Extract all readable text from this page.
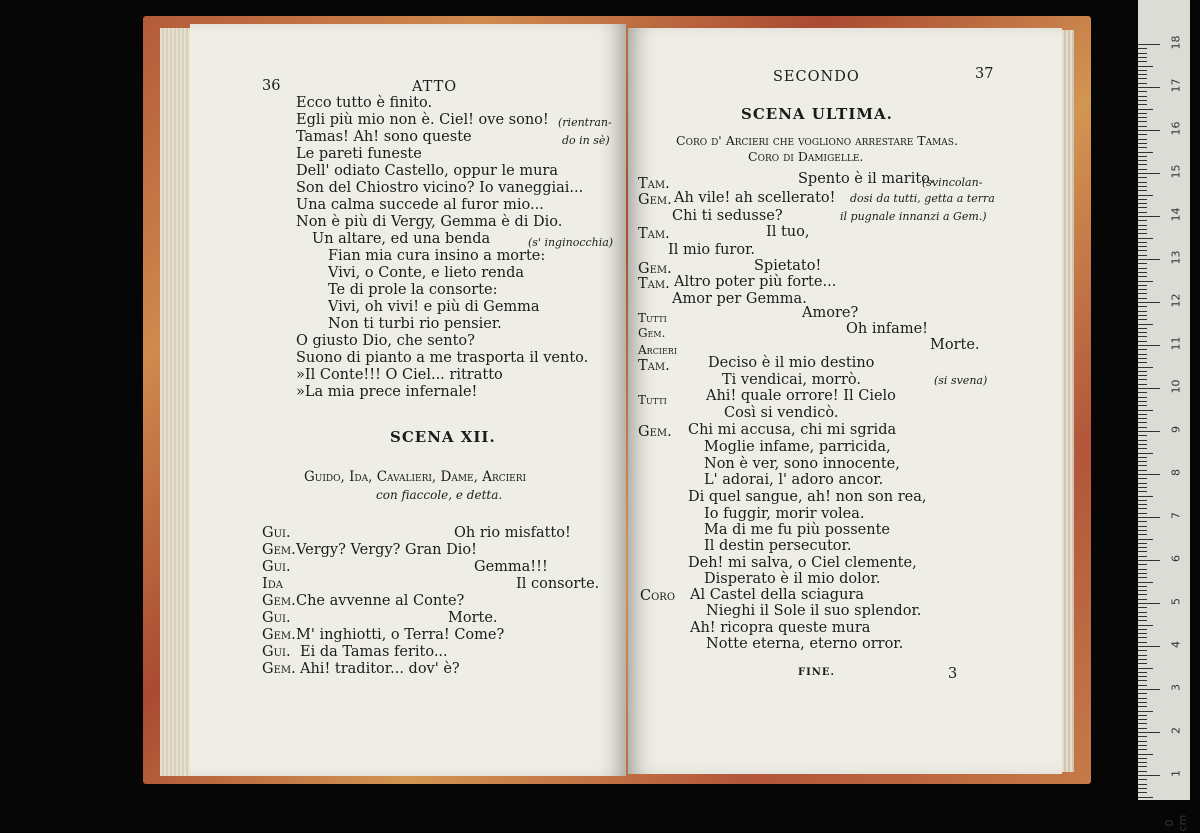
36	ATTO
Ecco tutto è finito.
Egli più mio non è. Ciel! ove sono! (rientran-
Tamas! Ah! sono queste	do in sè)
Le pareti funeste
Dell' odiato Castello, oppur le mura
Son del Chiostro vicino? Io vaneggiai...
Una calma succede al furor mio...
Non è più di Vergy, Gemma è di Dio.
Un altare, ed una benda	(s' inginocchia)
Fian mia cura insino a morte:
Vivi, o Conte, e lieto renda
Te di prole la consorte:
Vivi, oh vivi! e più di Gemma
Non ti turbi rio pensier.
O giusto Dio, che sento?
Suono di pianto a me trasporta il vento.
»Il Conte!!! O Ciel... ritratto
»La mia prece infernale!
SCENA XII.
Guido, Ida, Cavalieri, Dame, Arcieri
con fiaccole, e detta.
Gui.	Oh rio misfatto!
Gem. Vergy? Vergy? Gran Dio!
Gui.	Gemma!!!
Ida	Il consorte.
Gem. Che avvenne al Conte?
Gui.	Morte.
Gem. M' inghiotti, o Terra! Come?
Gui. Ei da Tamas ferito...
Gem. Ahi! traditor... dov' è?
SECONDO	37
SCENA ULTIMA.
Coro d' Arcieri che vogliono arrestare Tamas.
Coro di Damigelle.
Tam.	Spento è il marito.
(svincolan-
Gem. Ah vile! ah scellerato! dosi da tutti, getta a terra
Chi ti sedusse?	il pugnale innanzi a Gem.)
Tam.	Il tuo,
Il mio furor.
Gem.	Spietato!
Tam. Altro poter più forte...
Amor per Gemma.
Tutti	Amore?
Gem.	Oh infame!
Arcieri	Morte.
Tam.	Deciso è il mio destino
Ti vendicai, morrò.	(si svena)
Tutti	Ahi! quale orrore! Il Cielo
Così si vendicò.
Gem. Chi mi accusa, chi mi sgrida
Moglie infame, parricida,
Non è ver, sono innocente,
L' adorai, l' adoro ancor.
Di quel sangue, ah! non son rea,
Io fuggir, morir volea.
Ma di me fu più possente
Il destin persecutor.
Deh! mi salva, o Ciel clemente,
Disperato è il mio dolor.
Coro Al Castel della sciagura
Nieghi il Sole il suo splendor.
Ah! ricopra queste mura
Notte eterna, eterno orror.
FINE.	3
18
17
16
15
14
13
12
11
10
9
8
7
6
5
4
3
2
1
0 cm
